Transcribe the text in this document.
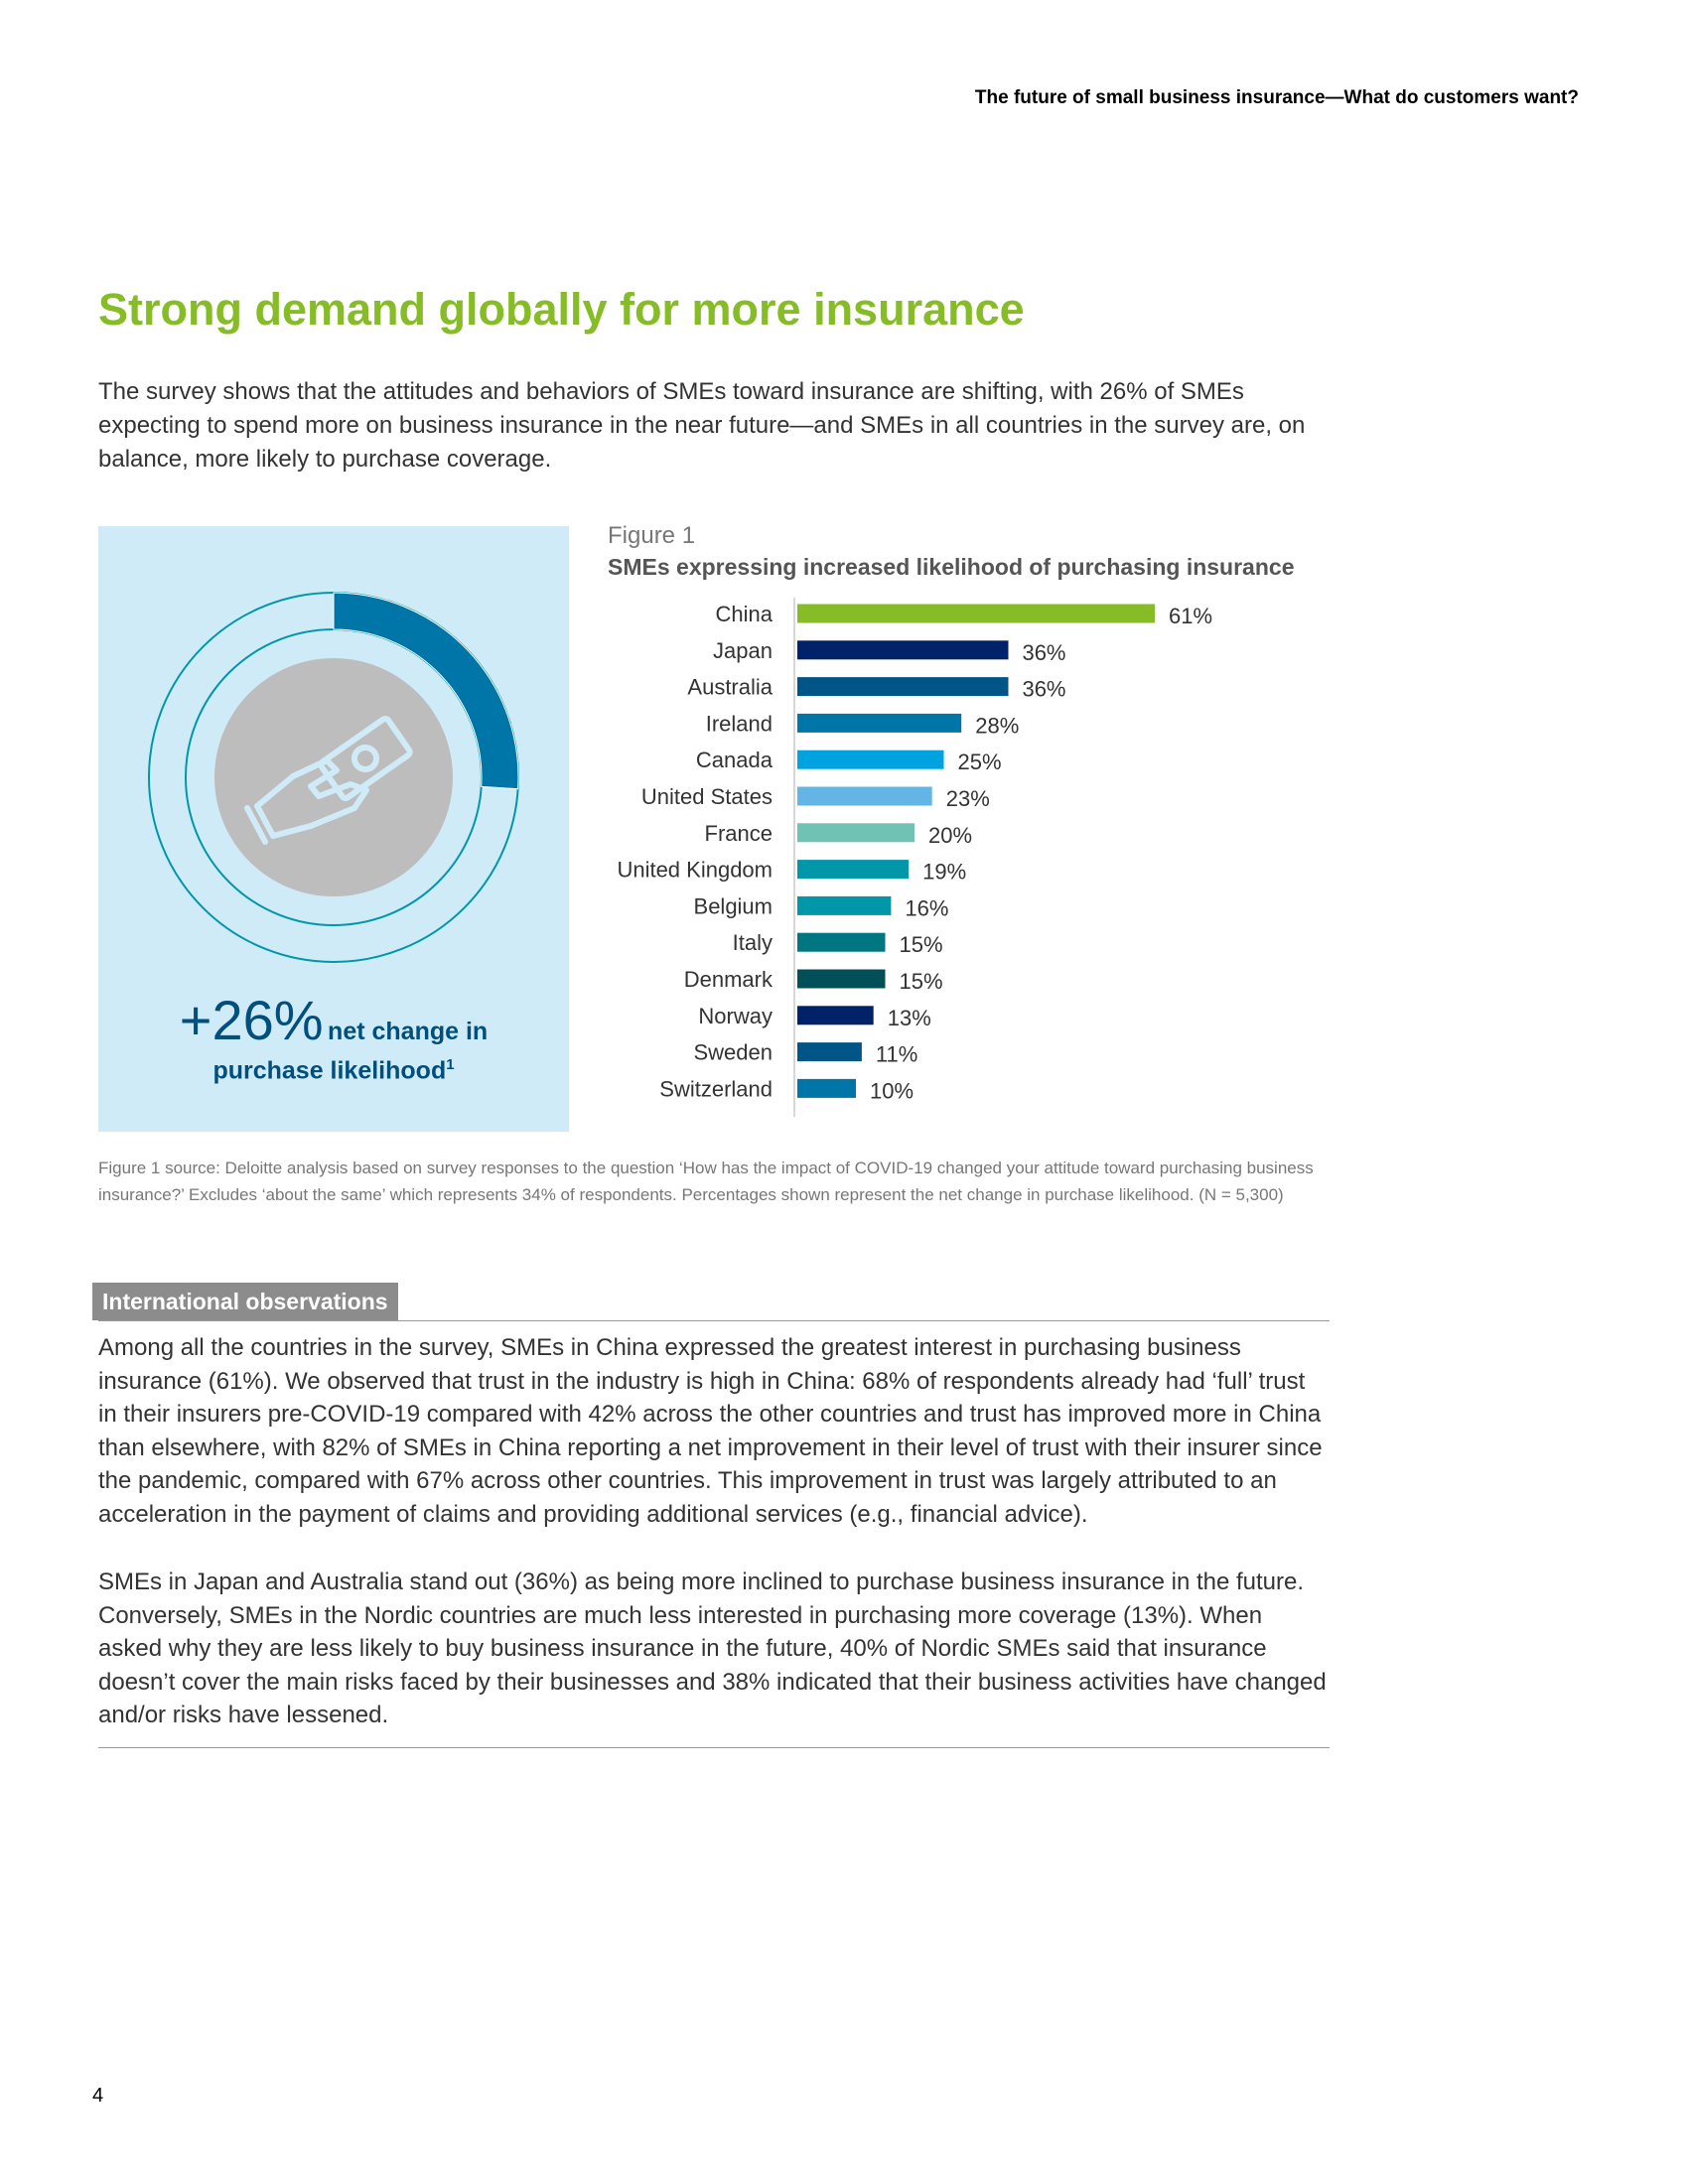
The future of small business insurance—What do customers want?
Strong demand globally for more insurance

The survey shows that the attitudes and behaviors of SMEs toward insurance are shifting, with 26% of SMEs expecting to spend more on business insurance in the near future—and SMEs in all countries in the survey are, on balance, more likely to purchase coverage.

+26% net change in
purchase likelihood$^1$
Figure 1
SMEs expressing increased likelihood of purchasing insurance
China	61%
Japan	36%
Australia	36%
Ireland	28%
Canada	25%
United States	23%
France	20%
United Kingdom	19%
Belgium	16%
Italy	15%
Denmark	15%
Norway	13%
Sweden	11%
Switzerland	10%

Figure 1 source: Deloitte analysis based on survey responses to the question ‘How has the impact of COVID-19 changed your attitude toward purchasing business insurance?’ Excludes ‘about the same’ which represents 34% of respondents. Percentages shown represent the net change in purchase likelihood. (N = 5,300)

International observations

Among all the countries in the survey, SMEs in China expressed the greatest interest in purchasing business insurance (61%). We observed that trust in the industry is high in China: 68% of respondents already had ‘full’ trust in their insurers pre-COVID-19 compared with 42% across the other countries and trust has improved more in China than elsewhere, with 82% of SMEs in China reporting a net improvement in their level of trust with their insurer since the pandemic, compared with 67% across other countries. This improvement in trust was largely attributed to an acceleration in the payment of claims and providing additional services (e.g., financial advice).

SMEs in Japan and Australia stand out (36%) as being more inclined to purchase business insurance in the future. Conversely, SMEs in the Nordic countries are much less interested in purchasing more coverage (13%). When asked why they are less likely to buy business insurance in the future, 40% of Nordic SMEs said that insurance doesn’t cover the main risks faced by their businesses and 38% indicated that their business activities have changed and/or risks have lessened.

4
